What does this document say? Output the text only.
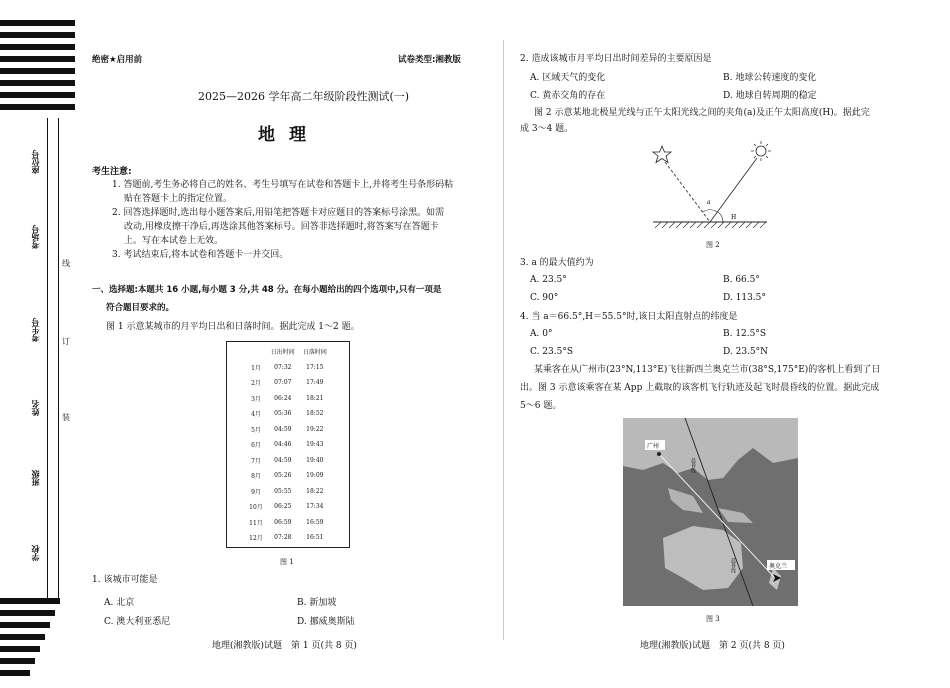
座位号
考场号
考生号
姓名
班级
学校
线
订
装
绝密★启用前	试卷类型:湘教版
2025—2026 学年高二年级阶段性测试(一)
地理
考生注意:
1. 答题前,考生务必将自己的姓名、考生号填写在试卷和答题卡上,并将考生号条形码粘
贴在答题卡上的指定位置。
2. 回答选择题时,选出每小题答案后,用铅笔把答题卡对应题目的答案标号涂黑。如需
改动,用橡皮擦干净后,再选涂其他答案标号。回答非选择题时,将答案写在答题卡
上。写在本试卷上无效。
3. 考试结束后,将本试卷和答题卡一并交回。
一、选择题:本题共 16 小题,每小题 3 分,共 48 分。在每小题给出的四个选项中,只有一项是
符合题目要求的。
图 1 示意某城市的月平均日出和日落时间。据此完成 1～2 题。
	日出时间	日落时间
1月	07:32	17:15
2月	07:07	17:49
3月	06:24	18:21
4月	05:36	18:52
5月	04:59	19:22
6月	04:46	19:43
7月	04:59	19:40
8月	05:26	19:09
9月	05:55	18:22
10月	06:25	17:34
11月	06:59	16:59
12月	07:28	16:51
图 1
1. 该城市可能是
A. 北京	B. 新加坡
C. 澳大利亚悉尼	D. 挪威奥斯陆
地理(湘教版)试题　第 1 页(共 8 页)
2. 造成该城市月平均日出时间差异的主要原因是
A. 区域天气的变化	B. 地球公转速度的变化
C. 黄赤交角的存在	D. 地球自转周期的稳定
图 2 示意某地北极星光线与正午太阳光线之间的夹角(a)及正午太阳高度(H)。据此完
成 3～4 题。
a
H
图 2
3. a 的最大值约为
A. 23.5°	B. 66.5°
C. 90°	D. 113.5°
4. 当 a＝66.5°,H＝55.5°时,该日太阳直射点的纬度是
A. 0°	B. 12.5°S
C. 23.5°S	D. 23.5°N
某乘客在从广州市(23°N,113°E)飞往新西兰奥克兰市(38°S,175°E)的客机上看到了日
出。图 3 示意该乘客在某 App 上截取的该客机飞行轨迹及起飞时晨昏线的位置。据此完成
5～6 题。
广州
奥克兰
晨昏线
晨昏线
图 3
地理(湘教版)试题　第 2 页(共 8 页)
